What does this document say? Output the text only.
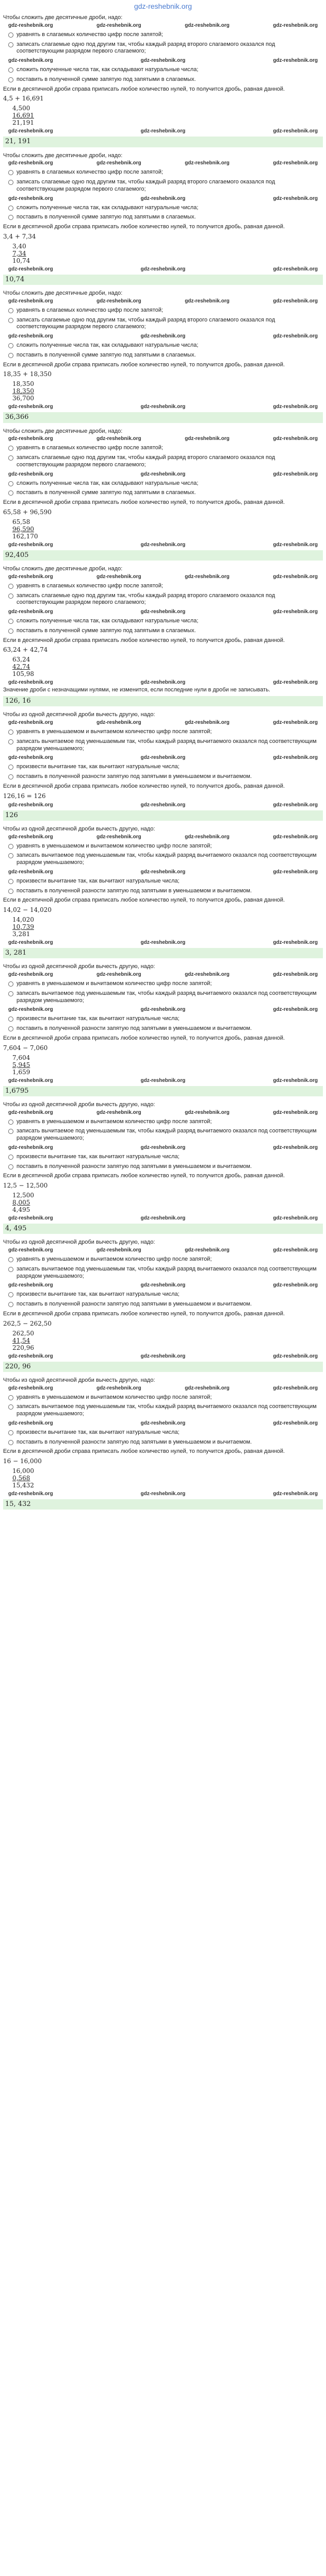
gdz-reshebnik.org
Чтобы сложить две десятичные дроби, надо:
gdz-reshebnik.org	gdz-reshebnik.org	gdz-reshebnik.org	gdz-reshebnik.org
уравнять в слагаемых количество цифр после запятой;
записать слагаемые одно под другим так, чтобы каждый разряд второго слагаемого оказался под соответствующим разрядом первого слагаемого;
gdz-reshebnik.org	gdz-reshebnik.org	gdz-reshebnik.org
сложить полученные числа так, как складывают натуральные числа;
поставить в полученной сумме запятую под запятыми в слагаемых.
Если в десятичной дроби справа приписать любое количество нулей, то получится дробь, равная данной.
4,5 + 16,691
4,500
16,691
21,191
gdz-reshebnik.org	gdz-reshebnik.org	gdz-reshebnik.org
21, 191
Чтобы сложить две десятичные дроби, надо:
gdz-reshebnik.org	gdz-reshebnik.org	gdz-reshebnik.org	gdz-reshebnik.org
уравнять в слагаемых количество цифр после запятой;
записать слагаемые одно под другим так, чтобы каждый разряд второго слагаемого оказался под соответствующим разрядом первого слагаемого;
gdz-reshebnik.org	gdz-reshebnik.org	gdz-reshebnik.org
сложить полученные числа так, как складывают натуральные числа;
поставить в полученной сумме запятую под запятыми в слагаемых.
Если в десятичной дроби справа приписать любое количество нулей, то получится дробь, равная данной.
3,4 + 7,34
3,40
7,34
10,74
gdz-reshebnik.org	gdz-reshebnik.org	gdz-reshebnik.org
10,74
Чтобы сложить две десятичные дроби, надо:
gdz-reshebnik.org	gdz-reshebnik.org	gdz-reshebnik.org	gdz-reshebnik.org
уравнять в слагаемых количество цифр после запятой;
записать слагаемые одно под другим так, чтобы каждый разряд второго слагаемого оказался под соответствующим разрядом первого слагаемого;
gdz-reshebnik.org	gdz-reshebnik.org	gdz-reshebnik.org
сложить полученные числа так, как складывают натуральные числа;
поставить в полученной сумме запятую под запятыми в слагаемых.
Если в десятичной дроби справа приписать любое количество нулей, то получится дробь, равная данной.
18,35 + 18,350
18,350
18,350
36,700
gdz-reshebnik.org	gdz-reshebnik.org	gdz-reshebnik.org
36,366
Чтобы сложить две десятичные дроби, надо:
gdz-reshebnik.org	gdz-reshebnik.org	gdz-reshebnik.org	gdz-reshebnik.org
уравнять в слагаемых количество цифр после запятой;
записать слагаемые одно под другим так, чтобы каждый разряд второго слагаемого оказался под соответствующим разрядом первого слагаемого;
gdz-reshebnik.org	gdz-reshebnik.org	gdz-reshebnik.org
сложить полученные числа так, как складывают натуральные числа;
поставить в полученной сумме запятую под запятыми в слагаемых.
Если в десятичной дроби справа приписать любое количество нулей, то получится дробь, равная данной.
65,58 + 96,590
65,58
96,590
162,170
gdz-reshebnik.org	gdz-reshebnik.org	gdz-reshebnik.org
92,405
Чтобы сложить две десятичные дроби, надо:
gdz-reshebnik.org	gdz-reshebnik.org	gdz-reshebnik.org	gdz-reshebnik.org
уравнять в слагаемых количество цифр после запятой;
записать слагаемые одно под другим так, чтобы каждый разряд второго слагаемого оказался под соответствующим разрядом первого слагаемого;
gdz-reshebnik.org	gdz-reshebnik.org	gdz-reshebnik.org
сложить полученные числа так, как складывают натуральные числа;
поставить в полученной сумме запятую под запятыми в слагаемых.
Если в десятичной дроби справа приписать любое количество нулей, то получится дробь, равная данной.
63,24 + 42,74
63,24
42,74
105,98
gdz-reshebnik.org	gdz-reshebnik.org	gdz-reshebnik.org
Значение дроби с незначащими нулями, не изменится, если последние нули в дроби не записывать.
126, 16
Чтобы из одной десятичной дроби вычесть другую, надо:
gdz-reshebnik.org	gdz-reshebnik.org	gdz-reshebnik.org	gdz-reshebnik.org
уравнять в уменьшаемом и вычитаемом количество цифр после запятой;
записать вычитаемое под уменьшаемым так, чтобы каждый разряд вычитаемого оказался под соответствующим разрядом уменьшаемого;
gdz-reshebnik.org	gdz-reshebnik.org	gdz-reshebnik.org
произвести вычитание так, как вычитают натуральные числа;
поставить в полученной разности запятую под запятыми в уменьшаемом и вычитаемом.
Если в десятичной дроби справа приписать любое количество нулей, то получится дробь, равная данной.
126,16 = 126
gdz-reshebnik.org	gdz-reshebnik.org	gdz-reshebnik.org
126
Чтобы из одной десятичной дроби вычесть другую, надо:
gdz-reshebnik.org	gdz-reshebnik.org	gdz-reshebnik.org	gdz-reshebnik.org
уравнять в уменьшаемом и вычитаемом количество цифр после запятой;
записать вычитаемое под уменьшаемым так, чтобы каждый разряд вычитаемого оказался под соответствующим разрядом уменьшаемого;
gdz-reshebnik.org	gdz-reshebnik.org	gdz-reshebnik.org
произвести вычитание так, как вычитают натуральные числа;
поставить в полученной разности запятую под запятыми в уменьшаемом и вычитаемом.
Если в десятичной дроби справа приписать любое количество нулей, то получится дробь, равная данной.
14,02 − 14,020
14,020
10,739
3,281
gdz-reshebnik.org	gdz-reshebnik.org	gdz-reshebnik.org
3, 281
Чтобы из одной десятичной дроби вычесть другую, надо:
gdz-reshebnik.org	gdz-reshebnik.org	gdz-reshebnik.org	gdz-reshebnik.org
уравнять в уменьшаемом и вычитаемом количество цифр после запятой;
записать вычитаемое под уменьшаемым так, чтобы каждый разряд вычитаемого оказался под соответствующим разрядом уменьшаемого;
gdz-reshebnik.org	gdz-reshebnik.org	gdz-reshebnik.org
произвести вычитание так, как вычитают натуральные числа;
поставить в полученной разности запятую под запятыми в уменьшаемом и вычитаемом.
Если в десятичной дроби справа приписать любое количество нулей, то получится дробь, равная данной.
7,604 − 7,060
7,604
5,945
1,659
gdz-reshebnik.org	gdz-reshebnik.org	gdz-reshebnik.org
1,6795
Чтобы из одной десятичной дроби вычесть другую, надо:
gdz-reshebnik.org	gdz-reshebnik.org	gdz-reshebnik.org	gdz-reshebnik.org
уравнять в уменьшаемом и вычитаемом количество цифр после запятой;
записать вычитаемое под уменьшаемым так, чтобы каждый разряд вычитаемого оказался под соответствующим разрядом уменьшаемого;
gdz-reshebnik.org	gdz-reshebnik.org	gdz-reshebnik.org
произвести вычитание так, как вычитают натуральные числа;
поставить в полученной разности запятую под запятыми в уменьшаемом и вычитаемом.
Если в десятичной дроби справа приписать любое количество нулей, то получится дробь, равная данной.
12,5 − 12,500
12,500
8,005
4,495
gdz-reshebnik.org	gdz-reshebnik.org	gdz-reshebnik.org
4, 495
Чтобы из одной десятичной дроби вычесть другую, надо:
gdz-reshebnik.org	gdz-reshebnik.org	gdz-reshebnik.org	gdz-reshebnik.org
уравнять в уменьшаемом и вычитаемом количество цифр после запятой;
записать вычитаемое под уменьшаемым так, чтобы каждый разряд вычитаемого оказался под соответствующим разрядом уменьшаемого;
gdz-reshebnik.org	gdz-reshebnik.org	gdz-reshebnik.org
произвести вычитание так, как вычитают натуральные числа;
поставить в полученной разности запятую под запятыми в уменьшаемом и вычитаемом.
Если в десятичной дроби справа приписать любое количество нулей, то получится дробь, равная данной.
262,5 − 262,50
262,50
41,54
220,96
gdz-reshebnik.org	gdz-reshebnik.org	gdz-reshebnik.org
220, 96
Чтобы из одной десятичной дроби вычесть другую, надо:
gdz-reshebnik.org	gdz-reshebnik.org	gdz-reshebnik.org	gdz-reshebnik.org
уравнять в уменьшаемом и вычитаемом количество цифр после запятой;
записать вычитаемое под уменьшаемым так, чтобы каждый разряд вычитаемого оказался под соответствующим разрядом уменьшаемого;
gdz-reshebnik.org	gdz-reshebnik.org	gdz-reshebnik.org
произвести вычитание так, как вычитают натуральные числа;
поставить в полученной разности запятую под запятыми в уменьшаемом и вычитаемом.
Если в десятичной дроби справа приписать любое количество нулей, то получится дробь, равная данной.
16 − 16,000
16,000
0,568
15,432
gdz-reshebnik.org	gdz-reshebnik.org	gdz-reshebnik.org
15, 432
